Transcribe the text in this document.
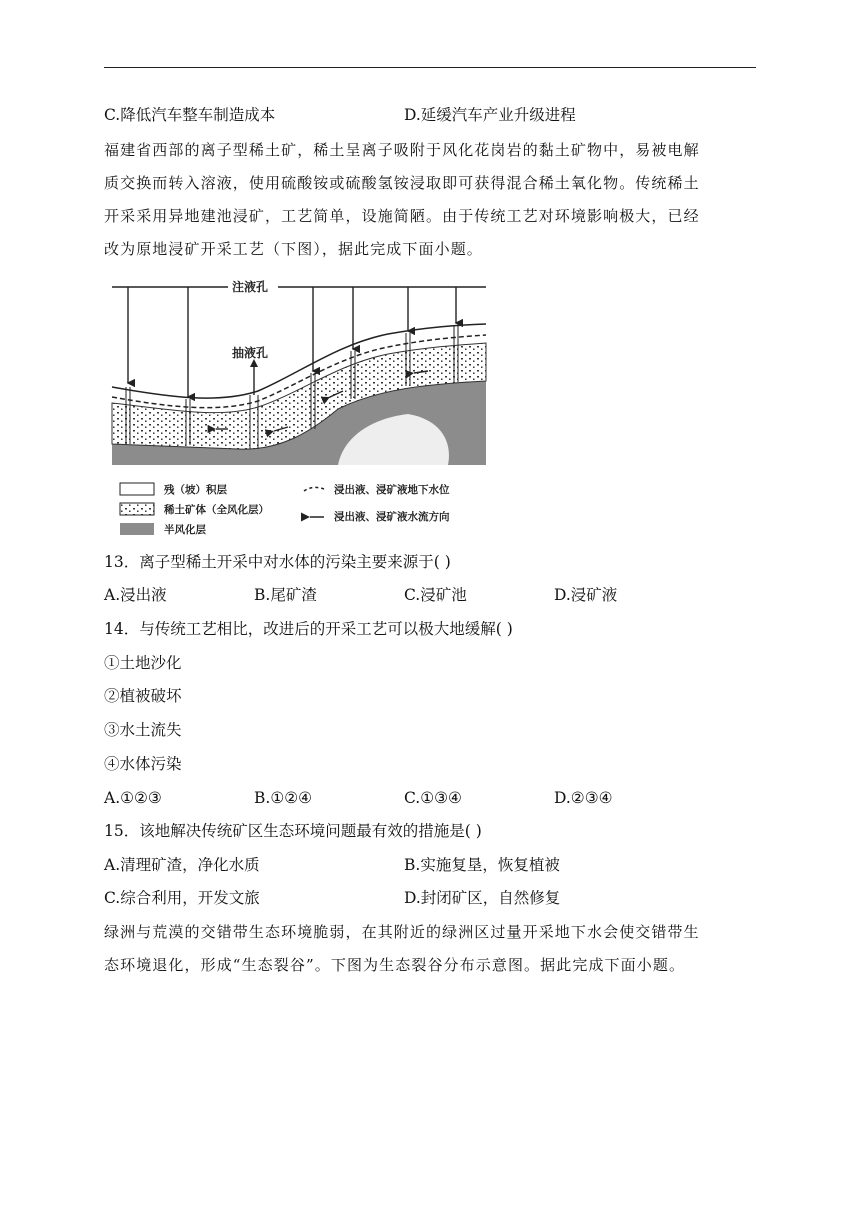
C.降低汽车整车制造成本	D.延缓汽车产业升级进程
福建省西部的离子型稀土矿，稀土呈离子吸附于风化花岗岩的黏土矿物中，易被电解
质交换而转入溶液，使用硫酸铵或硫酸氢铵浸取即可获得混合稀土氧化物。传统稀土
开采采用异地建池浸矿，工艺简单，设施简陋。由于传统工艺对环境影响极大，已经
改为原地浸矿开采工艺（下图），据此完成下面小题。
注液孔
抽液孔
残（坡）积层
稀土矿体（全风化层）
半风化层
浸出液、浸矿液地下水位
浸出液、浸矿液水流方向
13．离子型稀土开采中对水体的污染主要来源于( )
A.浸出液	B.尾矿渣	C.浸矿池	D.浸矿液
14．与传统工艺相比，改进后的开采工艺可以极大地缓解( )
①土地沙化
②植被破坏
③水土流失
④水体污染
A.①②③	B.①②④	C.①③④	D.②③④
15．该地解决传统矿区生态环境问题最有效的措施是( )
A.清理矿渣，净化水质	B.实施复垦，恢复植被
C.综合利用，开发文旅	D.封闭矿区，自然修复
绿洲与荒漠的交错带生态环境脆弱，在其附近的绿洲区过量开采地下水会使交错带生
态环境退化，形成“生态裂谷”。下图为生态裂谷分布示意图。据此完成下面小题。
